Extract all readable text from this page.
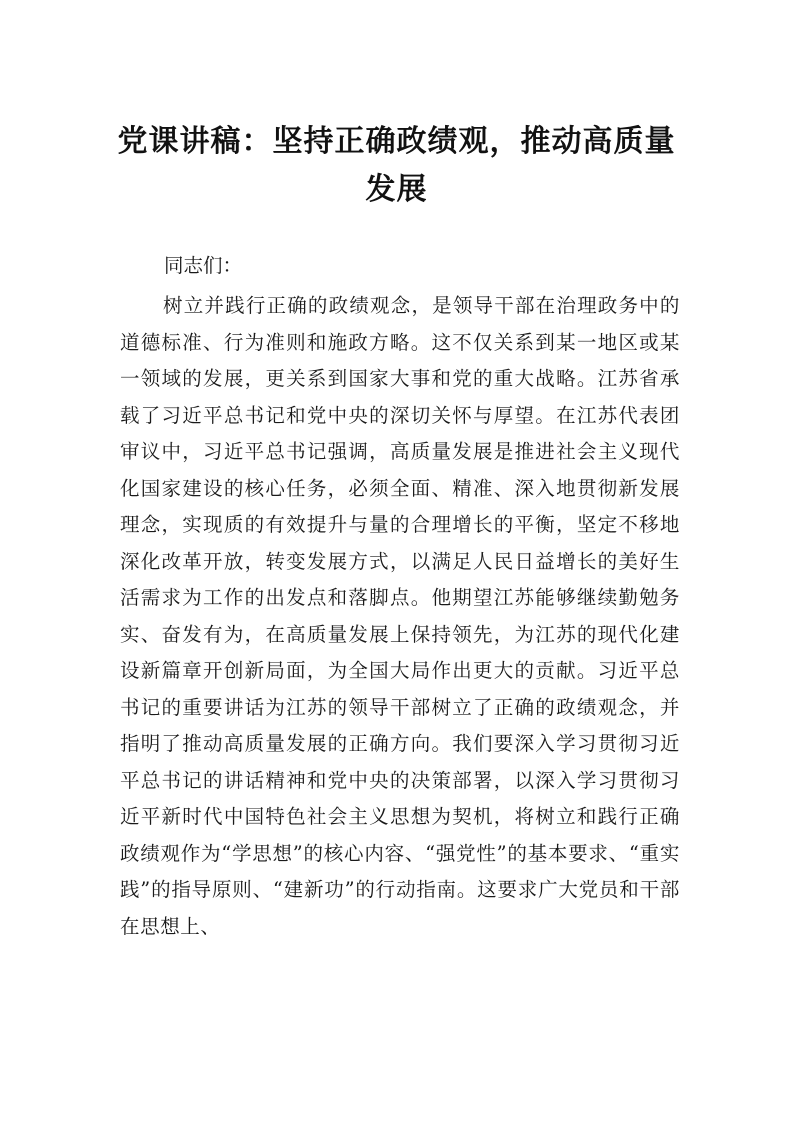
党课讲稿：坚持正确政绩观，推动高质量发展

同志们：

树立并践行正确的政绩观念，是领导干部在治理政务中的道德标准、行为准则和施政方略。这不仅关系到某一地区或某一领域的发展，更关系到国家大事和党的重大战略。江苏省承载了习近平总书记和党中央的深切关怀与厚望。在江苏代表团审议中，习近平总书记强调，高质量发展是推进社会主义现代化国家建设的核心任务，必须全面、精准、深入地贯彻新发展理念，实现质的有效提升与量的合理增长的平衡，坚定不移地深化改革开放，转变发展方式，以满足人民日益增长的美好生活需求为工作的出发点和落脚点。他期望江苏能够继续勤勉务实、奋发有为，在高质量发展上保持领先，为江苏的现代化建设新篇章开创新局面，为全国大局作出更大的贡献。习近平总书记的重要讲话为江苏的领导干部树立了正确的政绩观念，并指明了推动高质量发展的正确方向。我们要深入学习贯彻习近平总书记的讲话精神和党中央的决策部署，以深入学习贯彻习近平新时代中国特色社会主义思想为契机，将树立和践行正确政绩观作为“学思想”的核心内容、“强党性”的基本要求、“重实践”的指导原则、“建新功”的行动指南。这要求广大党员和干部在思想上、
